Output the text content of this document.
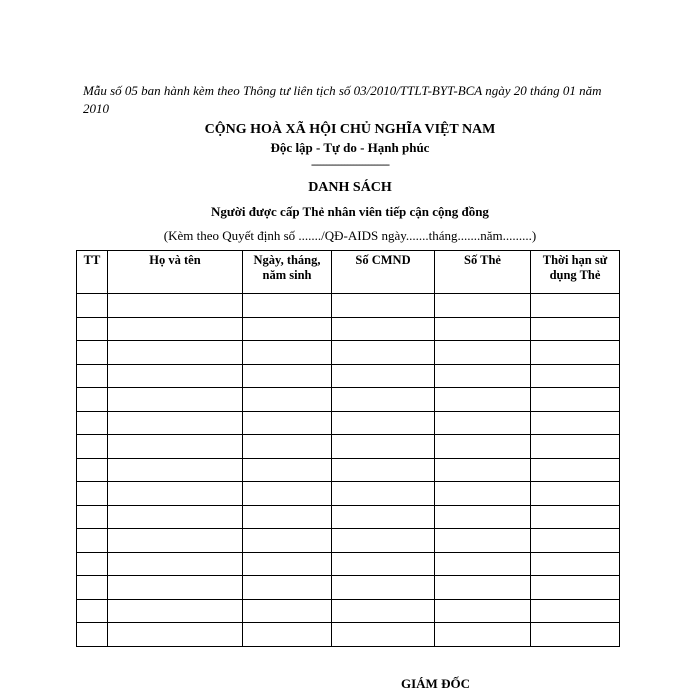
Mẫu số 05 ban hành kèm theo Thông tư liên tịch số 03/2010/TTLT-BYT-BCA ngày 20 tháng 01 năm 2010
CỘNG HOÀ XÃ HỘI CHỦ NGHĨA VIỆT NAM
Độc lập - Tự do - Hạnh phúc
--------------------------
DANH SÁCH
Người được cấp Thẻ nhân viên tiếp cận cộng đồng
(Kèm theo Quyết định số ......./QĐ-AIDS ngày.......tháng.......năm.........)
TT	Họ và tên	Ngày, tháng, năm sinh	Số CMND	Số Thẻ	Thời hạn sử dụng Thẻ

GIÁM ĐỐC
